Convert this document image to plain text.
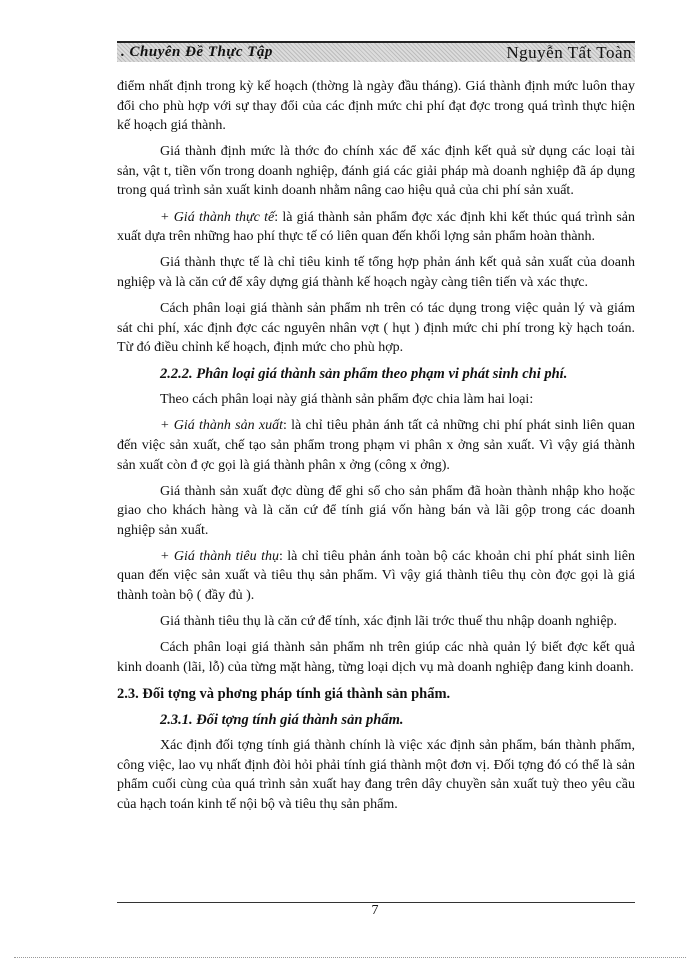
. Chuyên Đề Thực Tập	Nguyễn Tất Toàn

điểm nhất định trong kỳ kế hoạch (thờng là ngày đầu tháng). Giá thành định mức luôn thay đổi cho phù hợp với sự thay đổi của các định mức chi phí đạt đợc trong quá trình thực hiện kế hoạch giá thành.

Giá thành định mức là thớc đo chính xác để xác định kết quả sử dụng các loại tài sản, vật t, tiền vốn trong doanh nghiệp, đánh giá các giải pháp mà doanh nghiệp đã áp dụng trong quá trình sản xuất kinh doanh nhằm nâng cao hiệu quả của chi phí sản xuất.

+ Giá thành thực tế: là giá thành sản phẩm đợc xác định khi kết thúc quá trình sản xuất dựa trên những hao phí thực tế có liên quan đến khối lợng sản phẩm hoàn thành.

Giá thành thực tế là chỉ tiêu kinh tế tổng hợp phản ánh kết quả sản xuất của doanh nghiệp và là căn cứ để xây dựng giá thành kế hoạch ngày càng tiên tiến và xác thực.

Cách phân loại giá thành sản phẩm nh trên có tác dụng trong việc quản lý và giám sát chi phí, xác định đợc các nguyên nhân vợt ( hụt ) định mức chi phí trong kỳ hạch toán. Từ đó điều chỉnh kế hoạch, định mức cho phù hợp.

2.2.2. Phân loại giá thành sản phẩm theo phạm vi phát sinh chi phí.

Theo cách phân loại này giá thành sản phẩm đợc chia làm hai loại:

+ Giá thành sản xuất: là chỉ tiêu phản ánh tất cả những chi phí phát sinh liên quan đến việc sản xuất, chế tạo sản phẩm trong phạm vi phân x ởng sản xuất. Vì vậy giá thành sản xuất còn đ ợc gọi là giá thành phân x ởng (công x ởng).

Giá thành sản xuất đợc dùng để ghi sổ cho sản phẩm đã hoàn thành nhập kho hoặc giao cho khách hàng và là căn cứ để tính giá vốn hàng bán và lãi gộp trong các doanh nghiệp sản xuất.

+ Giá thành tiêu thụ: là chỉ tiêu phản ánh toàn bộ các khoản chi phí phát sinh liên quan đến việc sản xuất và tiêu thụ sản phẩm. Vì vậy giá thành tiêu thụ còn đợc gọi là giá thành toàn bộ ( đầy đủ ).

Giá thành tiêu thụ là căn cứ để tính, xác định lãi trớc thuế thu nhập doanh nghiệp.

Cách phân loại giá thành sản phẩm nh trên giúp các nhà quản lý biết đợc kết quả kinh doanh (lãi, lỗ) của từng mặt hàng, từng loại dịch vụ mà doanh nghiệp đang kinh doanh.

2.3. Đối tợng và phơng pháp tính giá thành sản phẩm.

2.3.1. Đối tợng tính giá thành sản phẩm.

Xác định đối tợng tính giá thành chính là việc xác định sản phẩm, bán thành phẩm, công việc, lao vụ nhất định đòi hỏi phải tính giá thành một đơn vị. Đối tợng đó có thể là sản phẩm cuối cùng của quá trình sản xuất hay đang trên dây chuyền sản xuất tuỳ theo yêu cầu của hạch toán kinh tế nội bộ và tiêu thụ sản phẩm.

7
